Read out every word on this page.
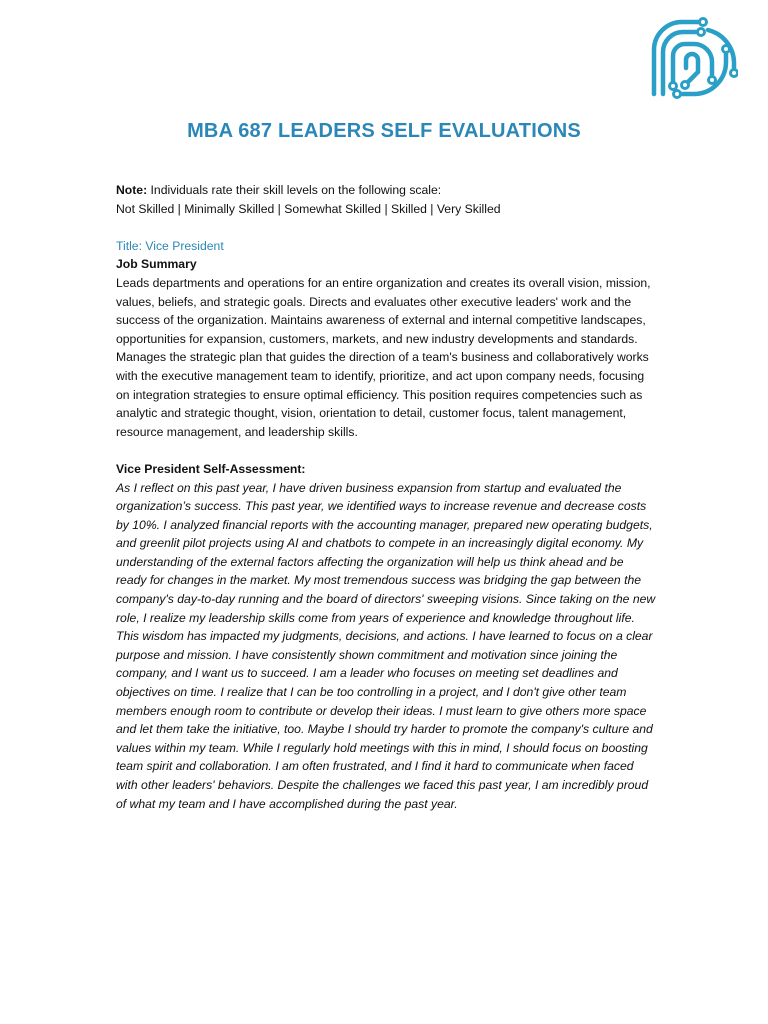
MBA 687 LEADERS SELF EVALUATIONS

Note: Individuals rate their skill levels on the following scale:

Not Skilled | Minimally Skilled | Somewhat Skilled | Skilled | Very Skilled

Title: Vice President

Job Summary

Leads departments and operations for an entire organization and creates its overall vision, mission, values, beliefs, and strategic goals. Directs and evaluates other executive leaders' work and the success of the organization. Maintains awareness of external and internal competitive landscapes, opportunities for expansion, customers, markets, and new industry developments and standards. Manages the strategic plan that guides the direction of a team's business and collaboratively works with the executive management team to identify, prioritize, and act upon company needs, focusing on integration strategies to ensure optimal efficiency. This position requires competencies such as analytic and strategic thought, vision, orientation to detail, customer focus, talent management, resource management, and leadership skills.

Vice President Self-Assessment:

As I reflect on this past year, I have driven business expansion from startup and evaluated the organization’s success. This past year, we identified ways to increase revenue and decrease costs by 10%. I analyzed financial reports with the accounting manager, prepared new operating budgets, and greenlit pilot projects using AI and chatbots to compete in an increasingly digital economy. My understanding of the external factors affecting the organization will help us think ahead and be ready for changes in the market. My most tremendous success was bridging the gap between the company's day-to-day running and the board of directors' sweeping visions. Since taking on the new role, I realize my leadership skills come from years of experience and knowledge throughout life. This wisdom has impacted my judgments, decisions, and actions. I have learned to focus on a clear purpose and mission. I have consistently shown commitment and motivation since joining the company, and I want us to succeed. I am a leader who focuses on meeting set deadlines and objectives on time. I realize that I can be too controlling in a project, and I don't give other team members enough room to contribute or develop their ideas. I must learn to give others more space and let them take the initiative, too. Maybe I should try harder to promote the company's culture and values within my team. While I regularly hold meetings with this in mind, I should focus on boosting team spirit and collaboration. I am often frustrated, and I find it hard to communicate when faced with other leaders' behaviors. Despite the challenges we faced this past year, I am incredibly proud of what my team and I have accomplished during the past year.
